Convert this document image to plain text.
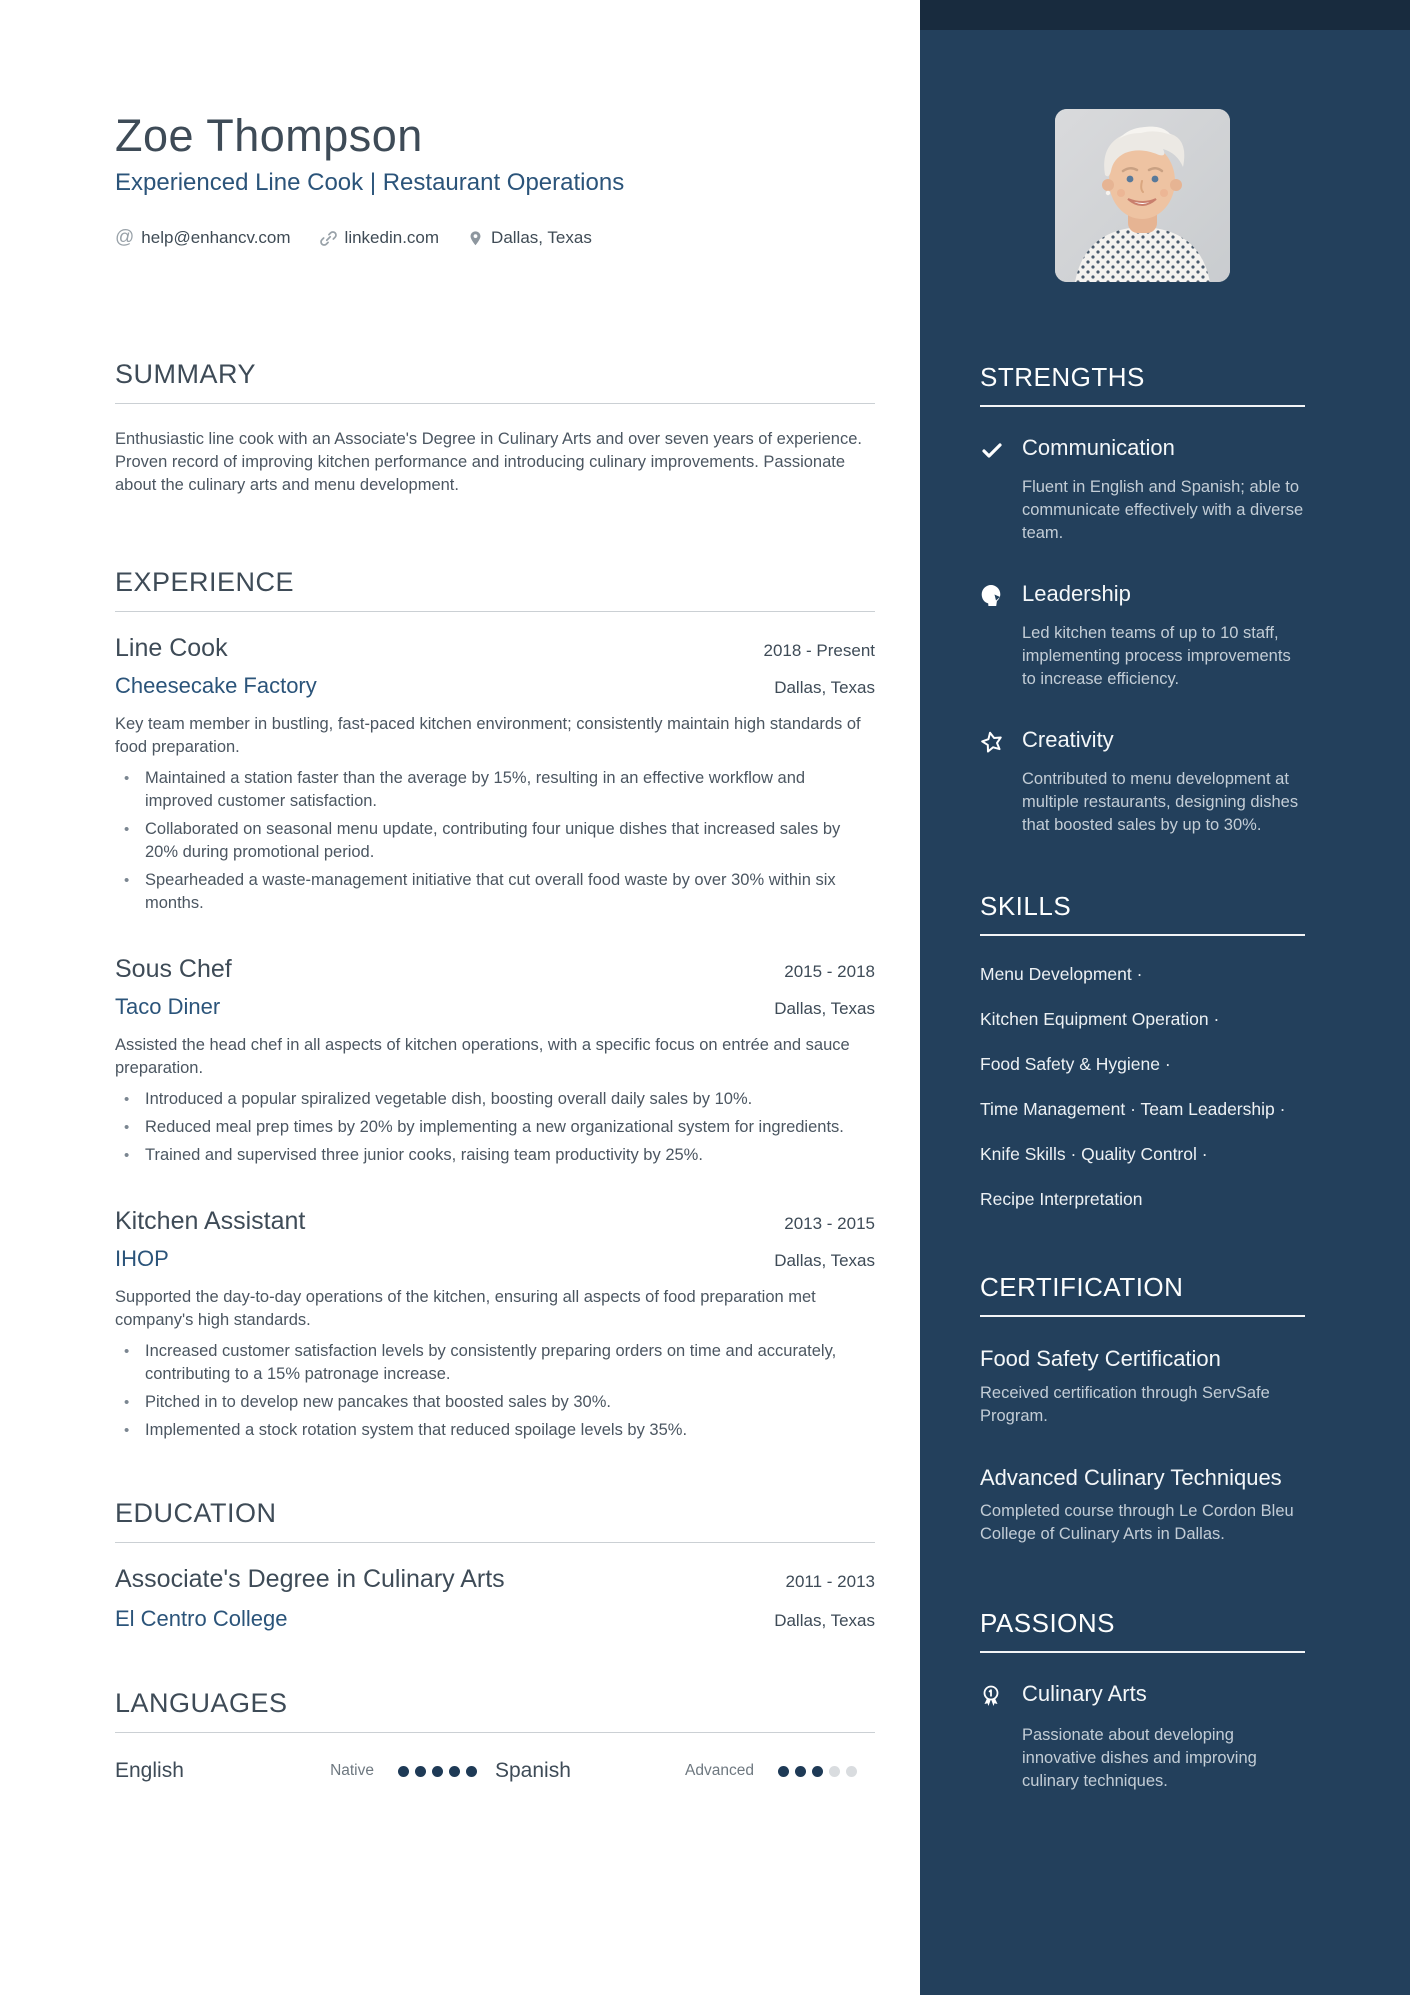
Zoe Thompson
Experienced Line Cook | Restaurant Operations
@ help@enhancv.com	linkedin.com	Dallas, Texas
SUMMARY

Enthusiastic line cook with an Associate's Degree in Culinary Arts and over seven years of experience. Proven record of improving kitchen performance and introducing culinary improvements. Passionate about the culinary arts and menu development.

EXPERIENCE
Line Cook	2018 - Present
Cheesecake Factory	Dallas, Texas

Key team member in bustling, fast-paced kitchen environment; consistently maintain high standards of food preparation.

• Maintained a station faster than the average by 15%, resulting in an effective workflow and improved customer satisfaction.
• Collaborated on seasonal menu update, contributing four unique dishes that increased sales by 20% during promotional period.
• Spearheaded a waste-management initiative that cut overall food waste by over 30% within six months.
Sous Chef	2015 - 2018
Taco Diner	Dallas, Texas

Assisted the head chef in all aspects of kitchen operations, with a specific focus on entrée and sauce preparation.

• Introduced a popular spiralized vegetable dish, boosting overall daily sales by 10%.
• Reduced meal prep times by 20% by implementing a new organizational system for ingredients.
• Trained and supervised three junior cooks, raising team productivity by 25%.
Kitchen Assistant	2013 - 2015
IHOP	Dallas, Texas

Supported the day-to-day operations of the kitchen, ensuring all aspects of food preparation met company's high standards.

• Increased customer satisfaction levels by consistently preparing orders on time and accurately, contributing to a 15% patronage increase.
• Pitched in to develop new pancakes that boosted sales by 30%.
• Implemented a stock rotation system that reduced spoilage levels by 35%.
EDUCATION
Associate's Degree in Culinary Arts	2011 - 2013
El Centro College	Dallas, Texas
LANGUAGES
English	Native	Spanish	Advanced
STRENGTHS
Communication
Fluent in English and Spanish; able to communicate effectively with a diverse team.
Leadership
Led kitchen teams of up to 10 staff, implementing process improvements to increase efficiency.
Creativity
Contributed to menu development at multiple restaurants, designing dishes that boosted sales by up to 30%.
SKILLS
Menu Development ·
Kitchen Equipment Operation ·
Food Safety & Hygiene ·
Time Management · Team Leadership ·
Knife Skills · Quality Control ·
Recipe Interpretation
CERTIFICATION
Food Safety Certification
Received certification through ServSafe Program.
Advanced Culinary Techniques
Completed course through Le Cordon Bleu College of Culinary Arts in Dallas.
PASSIONS
Culinary Arts
Passionate about developing innovative dishes and improving culinary techniques.
